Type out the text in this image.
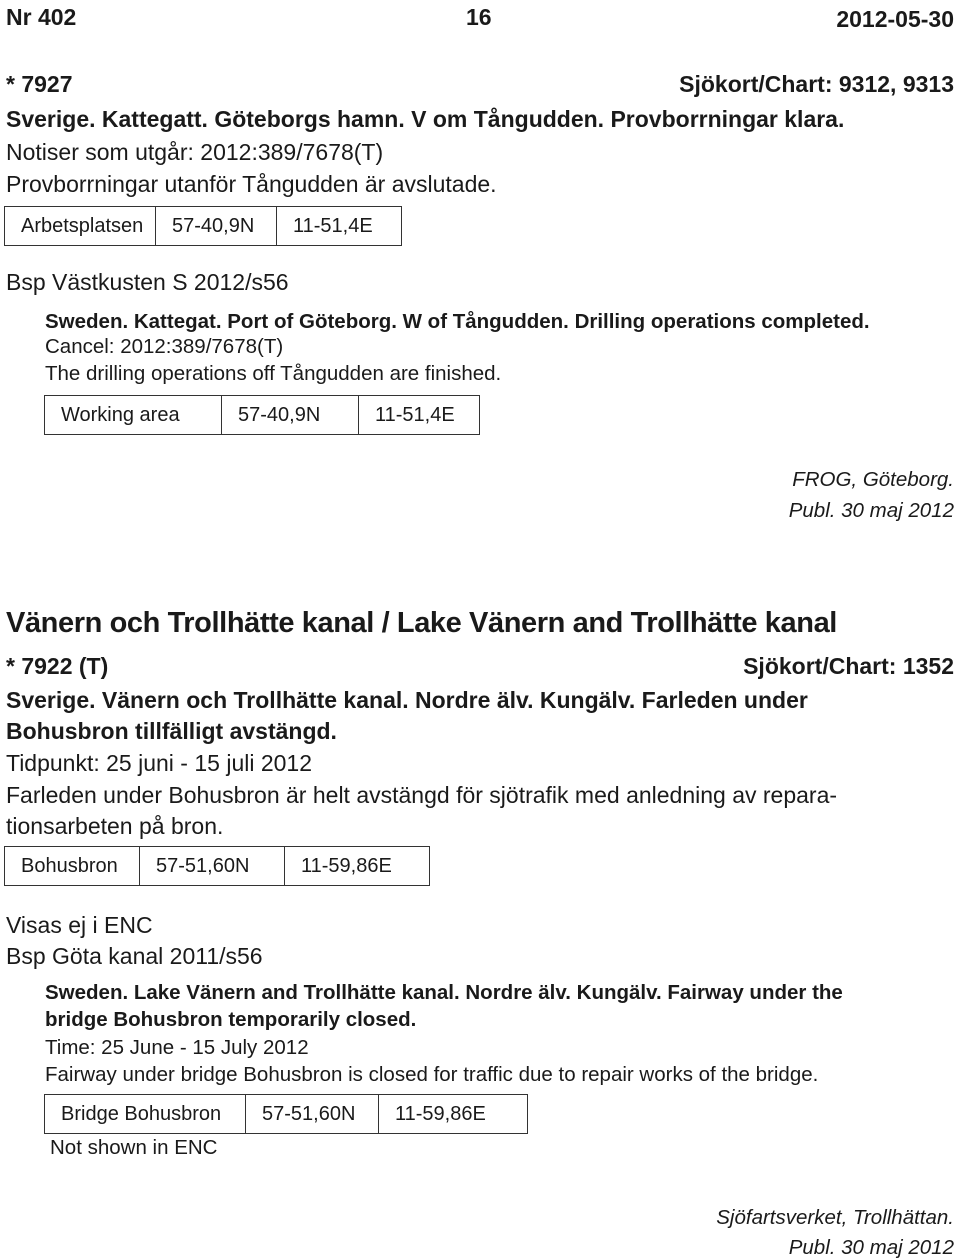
Nr 402	16	2012-05-30
* 7927	Sjökort/Chart: 9312, 9313
Sverige. Kattegatt. Göteborgs hamn. V om Tångudden. Provborrningar klara.
Notiser som utgår: 2012:389/7678(T)
Provborrningar utanför Tångudden är avslutade.
Arbetsplatsen	57-40,9N	11-51,4E
Bsp Västkusten S 2012/s56
Sweden. Kattegat. Port of Göteborg. W of Tångudden. Drilling operations completed.
Cancel: 2012:389/7678(T)
The drilling operations off Tångudden are finished.
Working area	57-40,9N	11-51,4E
FROG, Göteborg.
Publ. 30 maj 2012
Vänern och Trollhätte kanal / Lake Vänern and Trollhätte kanal
* 7922 (T)	Sjökort/Chart: 1352
Sverige. Vänern och Trollhätte kanal. Nordre älv. Kungälv. Farleden under
Bohusbron tillfälligt avstängd.
Tidpunkt: 25 juni - 15 juli 2012
Farleden under Bohusbron är helt avstängd för sjötrafik med anledning av repara-
tionsarbeten på bron.
Bohusbron	57-51,60N	11-59,86E
Visas ej i ENC
Bsp Göta kanal 2011/s56
Sweden. Lake Vänern and Trollhätte kanal. Nordre älv. Kungälv. Fairway under the
bridge Bohusbron temporarily closed.
Time: 25 June - 15 July 2012
Fairway under bridge Bohusbron is closed for traffic due to repair works of the bridge.
Bridge Bohusbron	57-51,60N	11-59,86E
Not shown in ENC
Sjöfartsverket, Trollhättan.
Publ. 30 maj 2012
